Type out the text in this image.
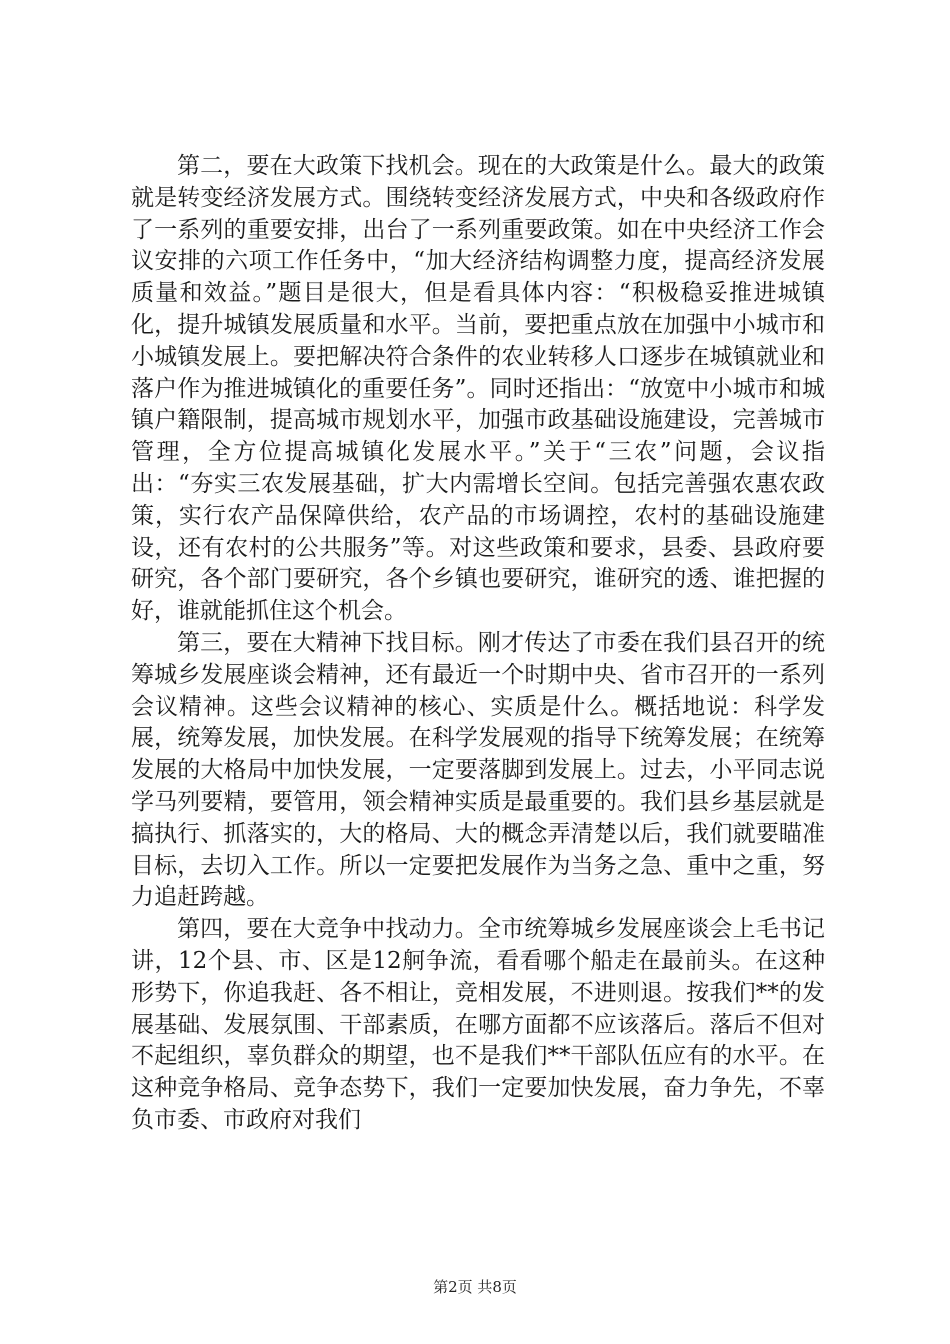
第二，要在大政策下找机会。现在的大政策是什么。最大的政策就是转变经济发展方式。围绕转变经济发展方式，中央和各级政府作了一系列的重要安排，出台了一系列重要政策。如在中央经济工作会议安排的六项工作任务中，“加大经济结构调整力度，提高经济发展质量和效益。”题目是很大，但是看具体内容：“积极稳妥推进城镇化，提升城镇发展质量和水平。当前，要把重点放在加强中小城市和小城镇发展上。要把解决符合条件的农业转移人口逐步在城镇就业和落户作为推进城镇化的重要任务”。同时还指出：“放宽中小城市和城镇户籍限制，提高城市规划水平，加强市政基础设施建设，完善城市管理，全方位提高城镇化发展水平。”关于“三农”问题，会议指出：“夯实三农发展基础，扩大内需增长空间。包括完善强农惠农政策，实行农产品保障供给，农产品的市场调控，农村的基础设施建设，还有农村的公共服务”等。对这些政策和要求，县委、县政府要研究，各个部门要研究，各个乡镇也要研究，谁研究的透、谁把握的好，谁就能抓住这个机会。

第三，要在大精神下找目标。刚才传达了市委在我们县召开的统筹城乡发展座谈会精神，还有最近一个时期中央、省市召开的一系列会议精神。这些会议精神的核心、实质是什么。概括地说：科学发展，统筹发展，加快发展。在科学发展观的指导下统筹发展；在统筹发展的大格局中加快发展，一定要落脚到发展上。过去，小平同志说学马列要精，要管用，领会精神实质是最重要的。我们县乡基层就是搞执行、抓落实的，大的格局、大的概念弄清楚以后，我们就要瞄准目标，去切入工作。所以一定要把发展作为当务之急、重中之重，努力追赶跨越。

第四，要在大竞争中找动力。全市统筹城乡发展座谈会上毛书记讲，12个县、市、区是12舸争流，看看哪个船走在最前头。在这种形势下，你追我赶、各不相让，竞相发展，不进则退。按我们**的发展基础、发展氛围、干部素质，在哪方面都不应该落后。落后不但对不起组织，辜负群众的期望，也不是我们**干部队伍应有的水平。在这种竞争格局、竞争态势下，我们一定要加快发展，奋力争先，不辜负市委、市政府对我们

第2页 共8页
